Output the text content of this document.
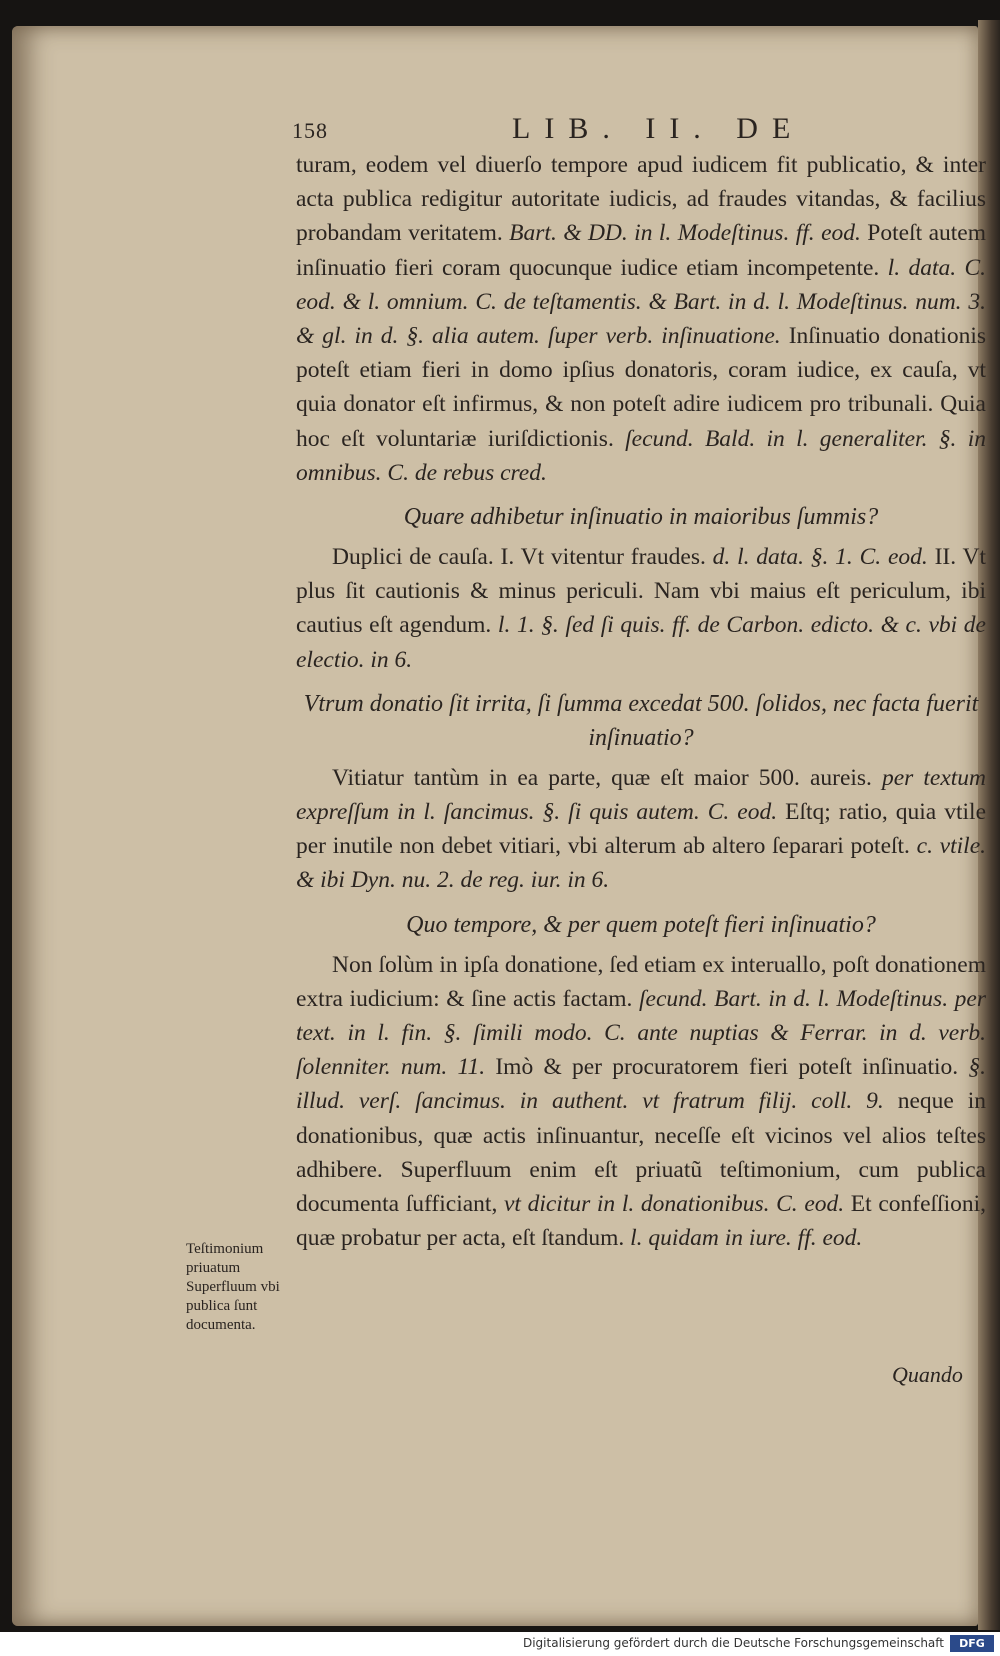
158	LIB. II. DE

turam, eodem vel diuerſo tempore apud iudicem fit publicatio, & inter acta publica redigitur autoritate iudicis, ad fraudes vitandas, & facilius probandam veritatem. Bart. & DD. in l. Modeſtinus. ff. eod. Poteſt autem inſinuatio fieri coram quocunque iudice etiam incompetente. l. data. C. eod. & l. omnium. C. de teſtamentis. & Bart. in d. l. Modeſtinus. num. 3. & gl. in d. §. alia autem. ſuper verb. inſinuatione. Inſinuatio donationis poteſt etiam fieri in domo ipſius donatoris, coram iudice, ex cauſa, vt quia donator eſt infirmus, & non poteſt adire iudicem pro tribunali. Quia hoc eſt voluntariæ iuriſdictionis. ſecund. Bald. in l. generaliter. §. in omnibus. C. de rebus cred.

Quare adhibetur inſinuatio in maioribus ſummis?

Duplici de cauſa. I. Vt vitentur fraudes. d. l. data. §. 1. C. eod. II. Vt plus ſit cautionis & minus periculi. Nam vbi maius eſt periculum, ibi cautius eſt agendum. l. 1. §. ſed ſi quis. ff. de Carbon. edicto. & c. vbi de electio. in 6.

Vtrum donatio ſit irrita, ſi ſumma excedat 500. ſolidos, nec facta fuerit inſinuatio?

Vitiatur tantùm in ea parte, quæ eſt maior 500. aureis. per textum expreſſum in l. ſancimus. §. ſi quis autem. C. eod. Eſtq; ratio, quia vtile per inutile non debet vitiari, vbi alterum ab altero ſeparari poteſt. c. vtile. & ibi Dyn. nu. 2. de reg. iur. in 6.

Quo tempore, & per quem poteſt fieri inſinuatio?

Non ſolùm in ipſa donatione, ſed etiam ex interuallo, poſt donationem extra iudicium: & ſine actis factam. ſecund. Bart. in d. l. Modeſtinus. per text. in l. fin. §. ſimili modo. C. ante nuptias & Ferrar. in d. verb. ſolenniter. num. 11. Imò & per procuratorem fieri poteſt inſinuatio. §. illud. verſ. ſancimus. in authent. vt fratrum filij. coll. 9. neque in donationibus, quæ actis inſinuantur, neceſſe eſt vicinos vel alios teſtes adhibere. Superfluum enim eſt priuatũ teſtimonium, cum publica documenta ſufficiant, vt dicitur in l. donationibus. C. eod. Et confeſſioni, quæ probatur per acta, eſt ſtandum. l. quidam in iure. ff. eod.

Teſtimonium priuatum Superfluum vbi publica ſunt documenta.
Quando
Digitalisierung gefördert durch die Deutsche Forschungsgemeinschaft	DFG
